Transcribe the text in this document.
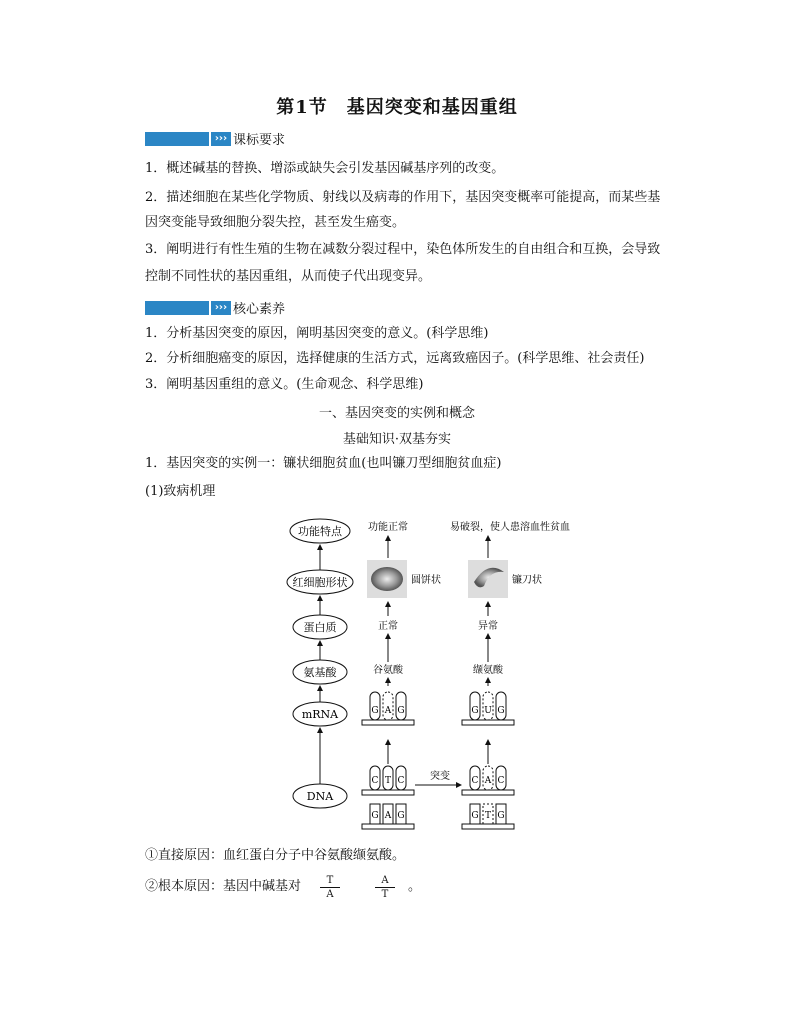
第1节　基因突变和基因重组
››› 课标要求
1．概述碱基的替换、增添或缺失会引发基因碱基序列的改变。
2．描述细胞在某些化学物质、射线以及病毒的作用下，基因突变概率可能提高，而某些基
因突变能导致细胞分裂失控，甚至发生癌变。
3．阐明进行有性生殖的生物在减数分裂过程中，染色体所发生的自由组合和互换，会导致
控制不同性状的基因重组，从而使子代出现变异。
››› 核心素养
1．分析基因突变的原因，阐明基因突变的意义。(科学思维)
2．分析细胞癌变的原因，选择健康的生活方式，远离致癌因子。(科学思维、社会责任)
3．阐明基因重组的意义。(生命观念、科学思维)
一、基因突变的实例和概念
基础知识·双基夯实
1．基因突变的实例一：镰状细胞贫血(也叫镰刀型细胞贫血症)
(1)致病机理
功能特点
红细胞形状
蛋白质
氨基酸
mRNA
DNA
功能正常
圆饼状
正常
谷氨酸
易破裂，使人患溶血性贫血
镰刀状
异常
缬氨酸
突变
G A G	G U G
C T C
G A G
C A C
G T G
①直接原因：血红蛋白分子中谷氨酸缬氨酸。
②根本原因：基因中碱基对	T
A
A
T
。
